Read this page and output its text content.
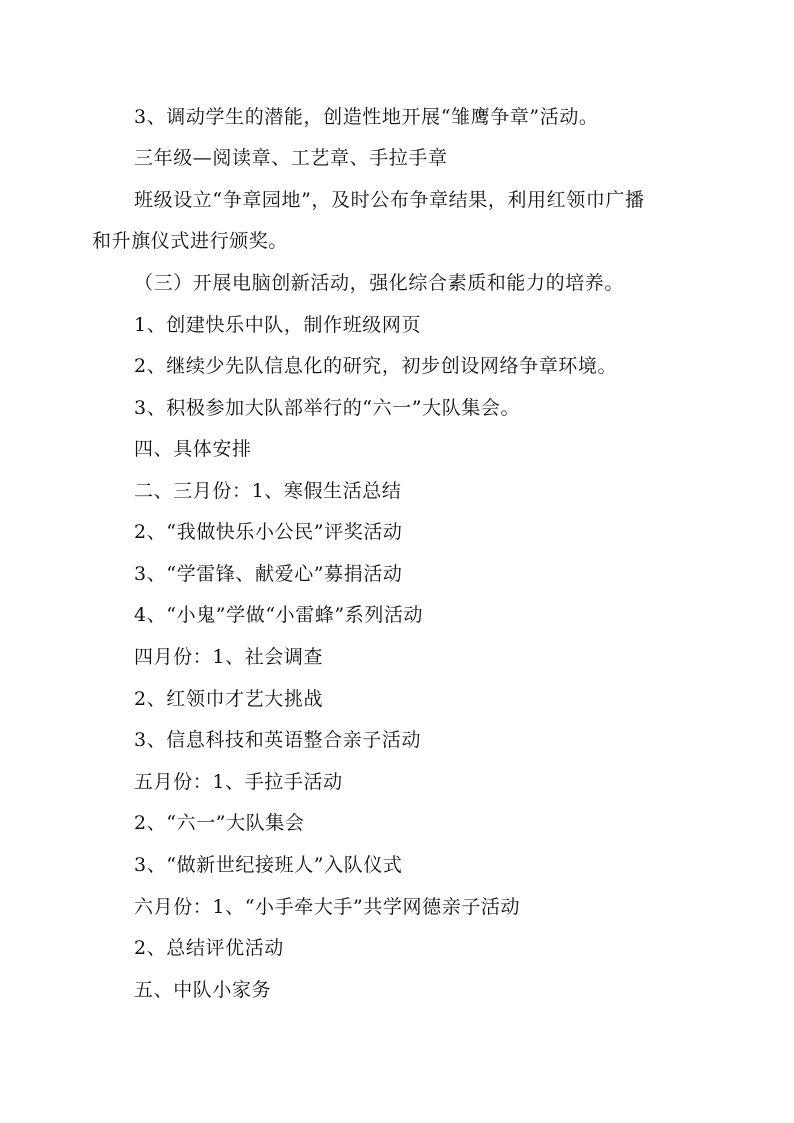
3、调动学生的潜能，创造性地开展“雏鹰争章”活动。
三年级—阅读章、工艺章、手拉手章
班级设立“争章园地”，及时公布争章结果，利用红领巾广播
和升旗仪式进行颁奖。
（三）开展电脑创新活动，强化综合素质和能力的培养。
1、创建快乐中队，制作班级网页
2、继续少先队信息化的研究，初步创设网络争章环境。
3、积极参加大队部举行的“六一”大队集会。
四、具体安排
二、三月份：1、寒假生活总结
2、“我做快乐小公民”评奖活动
3、“学雷锋、献爱心”募捐活动
4、“小鬼”学做“小雷蜂”系列活动
四月份：1、社会调查
2、红领巾才艺大挑战
3、信息科技和英语整合亲子活动
五月份：1、手拉手活动
2、“六一”大队集会
3、“做新世纪接班人”入队仪式
六月份：1、“小手牵大手”共学网德亲子活动
2、总结评优活动
五、中队小家务
